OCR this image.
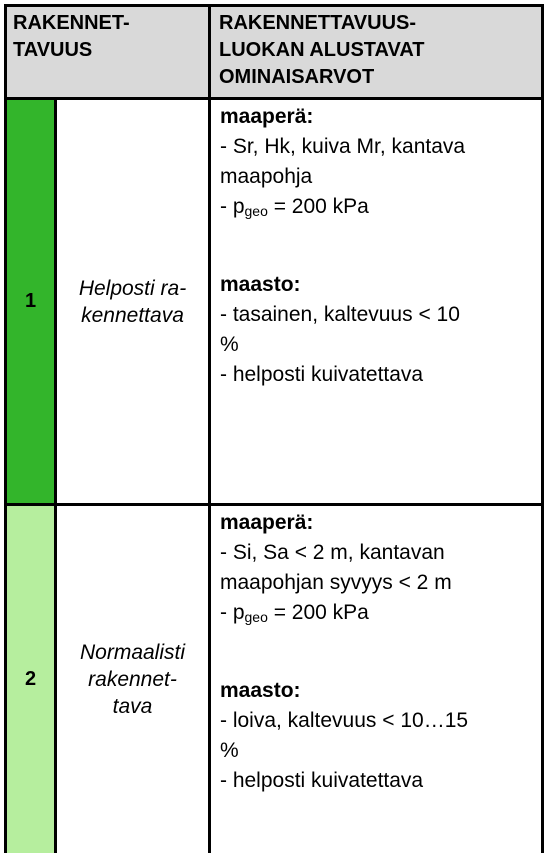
RAKENNET-
TAVUUS
RAKENNETTAVUUS-
LUOKAN ALUSTAVAT
OMINAISARVOT
1
Helposti ra-
kennettava
maaperä:
- Sr, Hk, kuiva Mr, kantava
maapohja
- $p_{geo} = 200$ kPa
maasto:
- tasainen, kaltevuus < 10
%
- helposti kuivatettava
2
Normaalisti
rakennet-
tava
maaperä:
- Si, Sa < 2 m, kantavan
maapohjan syvyys < 2 m
- $p_{geo} = 200$ kPa
maasto:
- loiva, kaltevuus < 10…15
%
- helposti kuivatettava
